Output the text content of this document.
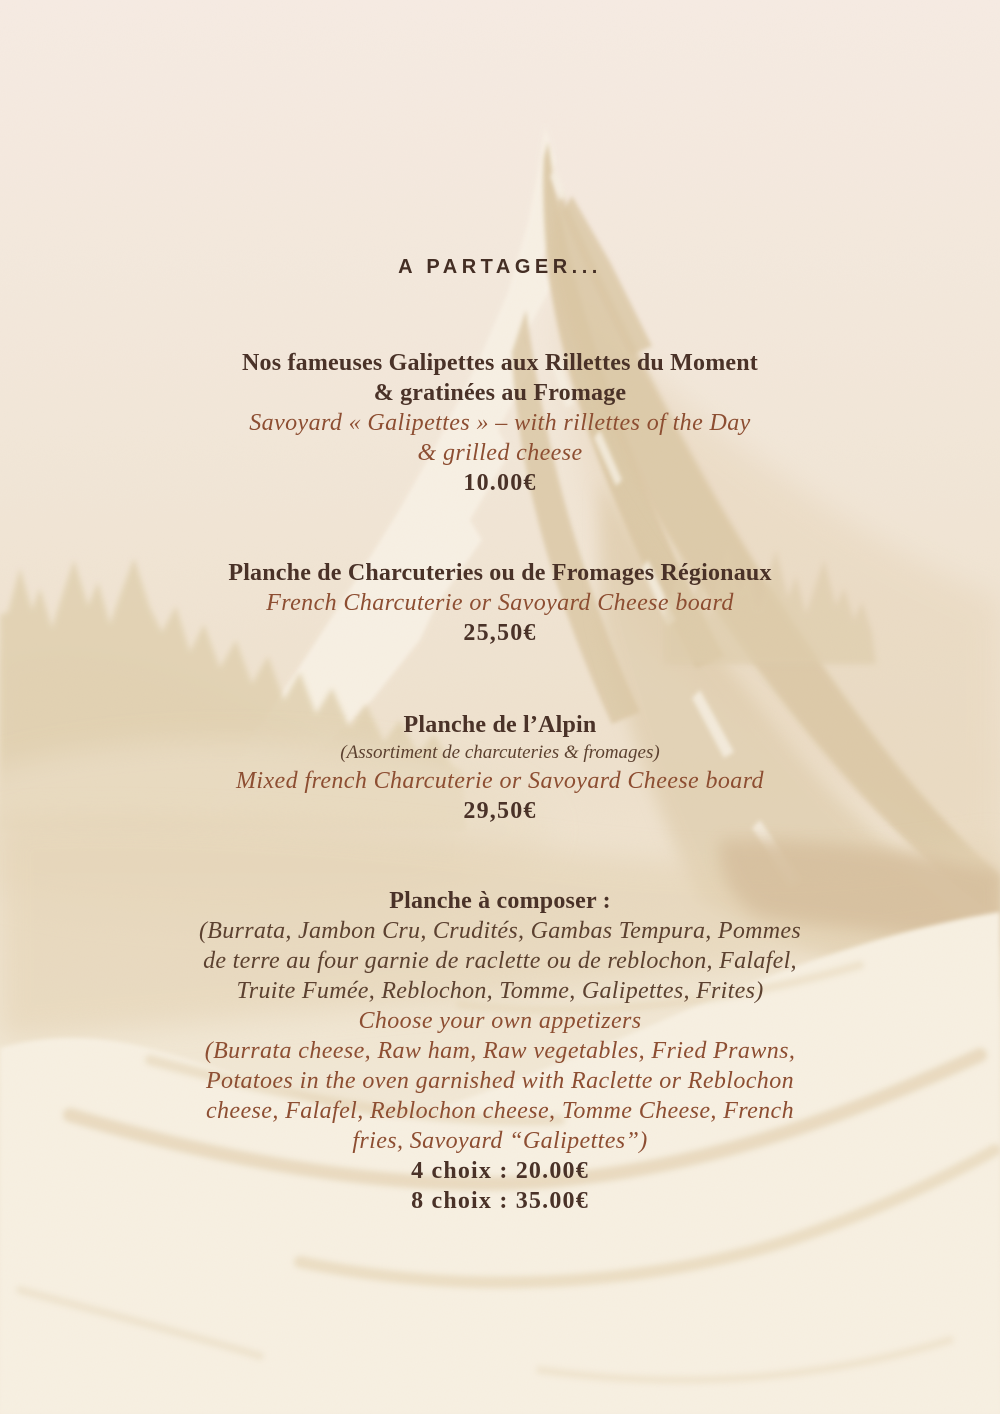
A PARTAGER...
Nos fameuses Galipettes aux Rillettes du Moment
& gratinées au Fromage
Savoyard « Galipettes » – with rillettes of the Day
& grilled cheese
10.00€
Planche de Charcuteries ou de Fromages Régionaux
French Charcuterie or Savoyard Cheese board
25,50€
Planche de l’Alpin
(Assortiment de charcuteries & fromages)
Mixed french Charcuterie or Savoyard Cheese board
29,50€
Planche à composer :
(Burrata, Jambon Cru, Crudités, Gambas Tempura, Pommes
de terre au four garnie de raclette ou de reblochon, Falafel,
Truite Fumée, Reblochon, Tomme, Galipettes, Frites)
Choose your own appetizers
(Burrata cheese, Raw ham, Raw vegetables, Fried Prawns,
Potatoes in the oven garnished with Raclette or Reblochon
cheese, Falafel, Reblochon cheese, Tomme Cheese, French
fries, Savoyard “Galipettes”)
4 choix : 20.00€
8 choix : 35.00€
